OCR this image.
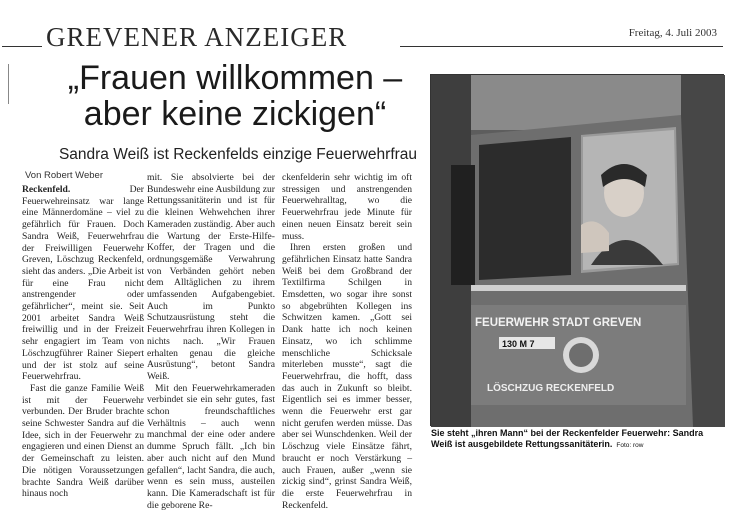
GREVENER ANZEIGER	Freitag, 4. Juli 2003
„Frauen willkommen –
aber keine zickigen“
Sandra Weiß ist Reckenfelds einzige Feuerwehrfrau
Von Robert Weber

Reckenfeld. Der Feuerwehreinsatz war lange eine Männerdomäne – viel zu gefährlich für Frauen. Doch Sandra Weiß, Feuerwehrfrau der Freiwilligen Feuerwehr Greven, Löschzug Reckenfeld, sieht das anders. „Die Arbeit ist für eine Frau nicht anstrengender oder gefährlicher“, meint sie. Seit 2001 arbeitet Sandra Weiß freiwillig und in der Freizeit sehr engagiert im Team von Löschzugführer Rainer Siepert und der ist stolz auf seine Feuerwehrfrau.

Fast die ganze Familie Weiß ist mit der Feuerwehr verbunden. Der Bruder brachte seine Schwester Sandra auf die Idee, sich in der Feuerwehr zu engagieren und einen Dienst an der Gemeinschaft zu leisten. Die nötigen Voraussetzungen brachte Sandra Weiß darüber hinaus noch

mit. Sie absolvierte bei der Bundeswehr eine Ausbildung zur Rettungssanitäterin und ist für die kleinen Wehwehchen ihrer Kameraden zuständig. Aber auch die Wartung der Erste-Hilfe-Koffer, der Tragen und die ordnungsgemäße Verwahrung von Verbänden gehört neben dem Alltäglichen zu ihrem umfassenden Aufgabengebiet. Auch im Punkto Schutzausrüstung steht die Feuerwehrfrau ihren Kollegen in nichts nach. „Wir Frauen erhalten genau die gleiche Ausrüstung“, betont Sandra Weiß.

Mit den Feuerwehrkameraden verbindet sie ein sehr gutes, fast schon freundschaftliches Verhältnis – auch wenn manchmal der eine oder andere dumme Spruch fällt. „Ich bin aber auch nicht auf den Mund gefallen“, lacht Sandra, die auch, wenn es sein muss, austeilen kann. Die Kameradschaft ist für die geborene Re-

ckenfelderin sehr wichtig im oft stressigen und anstrengenden Feuerwehralltag, wo die Feuerwehrfrau jede Minute für einen neuen Einsatz bereit sein muss.

Ihren ersten großen und gefährlichen Einsatz hatte Sandra Weiß bei dem Großbrand der Textilfirma Schilgen in Emsdetten, wo sogar ihre sonst so abgebrühten Kollegen ins Schwitzen kamen. „Gott sei Dank hatte ich noch keinen Einsatz, wo ich schlimme menschliche Schicksale miterleben musste“, sagt die Feuerwehrfrau, die hofft, dass das auch in Zukunft so bleibt. Eigentlich sei es immer besser, wenn die Feuerwehr erst gar nicht gerufen werden müsse. Das aber sei Wunschdenken. Weil der Löschzug viele Einsätze fährt, braucht er noch Verstärkung – auch Frauen, außer „wenn sie zickig sind“, grinst Sandra Weiß, die erste Feuerwehrfrau in Reckenfeld.

FEUERWEHR STADT GREVEN
130 M 7
LÖSCHZUG RECKENFELD
Sie steht „ihren Mann“ bei der Reckenfelder Feuerwehr: Sandra Weiß ist ausgebildete Rettungssanitäterin. Foto: row
